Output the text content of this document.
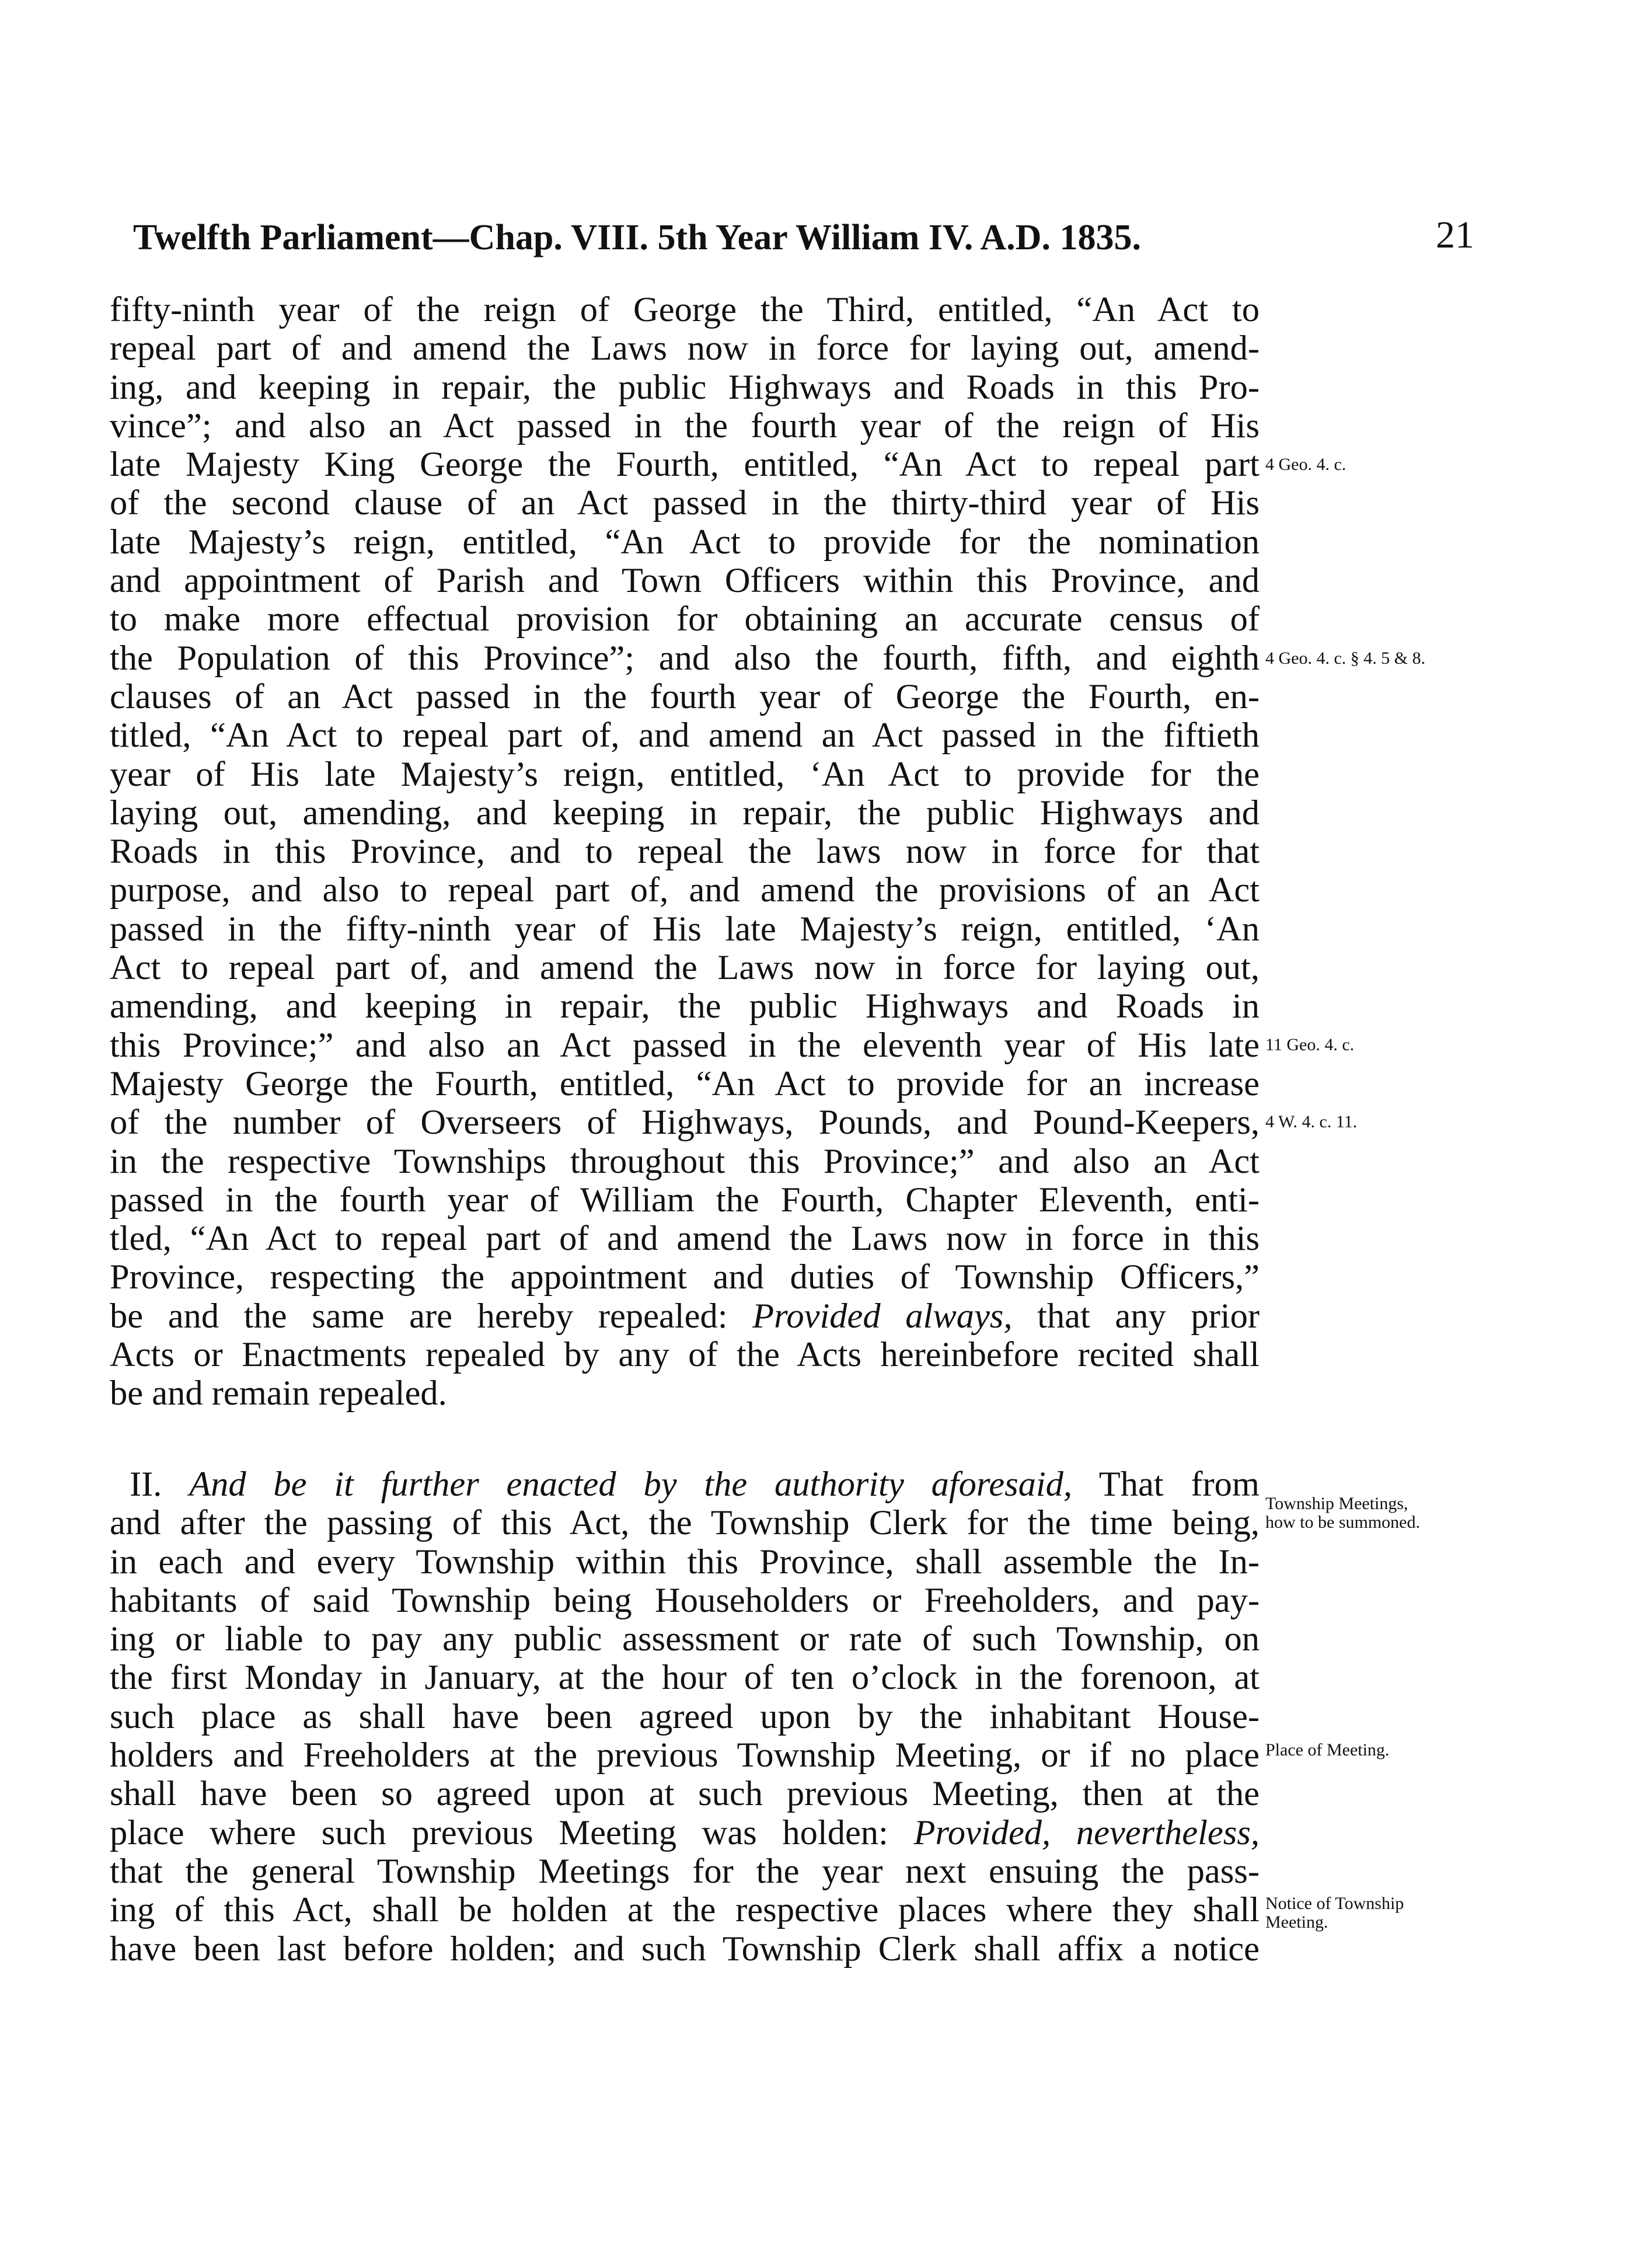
Twelfth Parliament—Chap. VIII. 5th Year William IV. A.D. 1835.	21
fifty-ninth year of the reign of George the Third, entitled, “An Act to
repeal part of and amend the Laws now in force for laying out, amend-
ing, and keeping in repair, the public Highways and Roads in this Pro-
vince”; and also an Act passed in the fourth year of the reign of His
late Majesty King George the Fourth, entitled, “An Act to repeal part
of the second clause of an Act passed in the thirty-third year of His
late Majesty’s reign, entitled, “An Act to provide for the nomination
and appointment of Parish and Town Officers within this Province, and
to make more effectual provision for obtaining an accurate census of
the Population of this Province”; and also the fourth, fifth, and eighth
clauses of an Act passed in the fourth year of George the Fourth, en-
titled, “An Act to repeal part of, and amend an Act passed in the fiftieth
year of His late Majesty’s reign, entitled, ‘An Act to provide for the
laying out, amending, and keeping in repair, the public Highways and
Roads in this Province, and to repeal the laws now in force for that
purpose, and also to repeal part of, and amend the provisions of an Act
passed in the fifty-ninth year of His late Majesty’s reign, entitled, ‘An
Act to repeal part of, and amend the Laws now in force for laying out,
amending, and keeping in repair, the public Highways and Roads in
this Province;” and also an Act passed in the eleventh year of His late
Majesty George the Fourth, entitled, “An Act to provide for an increase
of the number of Overseers of Highways, Pounds, and Pound-Keepers,
in the respective Townships throughout this Province;” and also an Act
passed in the fourth year of William the Fourth, Chapter Eleventh, enti-
tled, “An Act to repeal part of and amend the Laws now in force in this
Province, respecting the appointment and duties of Township Officers,”
be and the same are hereby repealed: Provided always, that any prior
Acts or Enactments repealed by any of the Acts hereinbefore recited shall
be and remain repealed.
II. And be it further enacted by the authority aforesaid, That from
and after the passing of this Act, the Township Clerk for the time being,
in each and every Township within this Province, shall assemble the In-
habitants of said Township being Householders or Freeholders, and pay-
ing or liable to pay any public assessment or rate of such Township, on
the first Monday in January, at the hour of ten o’clock in the forenoon, at
such place as shall have been agreed upon by the inhabitant House-
holders and Freeholders at the previous Township Meeting, or if no place
shall have been so agreed upon at such previous Meeting, then at the
place where such previous Meeting was holden: Provided, nevertheless,
that the general Township Meetings for the year next ensuing the pass-
ing of this Act, shall be holden at the respective places where they shall
have been last before holden; and such Township Clerk shall affix a notice
4 Geo. 4. c.
4 Geo. 4. c. § 4. 5 & 8.
11 Geo. 4. c.
4 W. 4. c. 11.
Township Meetings,
how to be summoned.
Place of Meeting.
Notice of Township
Meeting.
